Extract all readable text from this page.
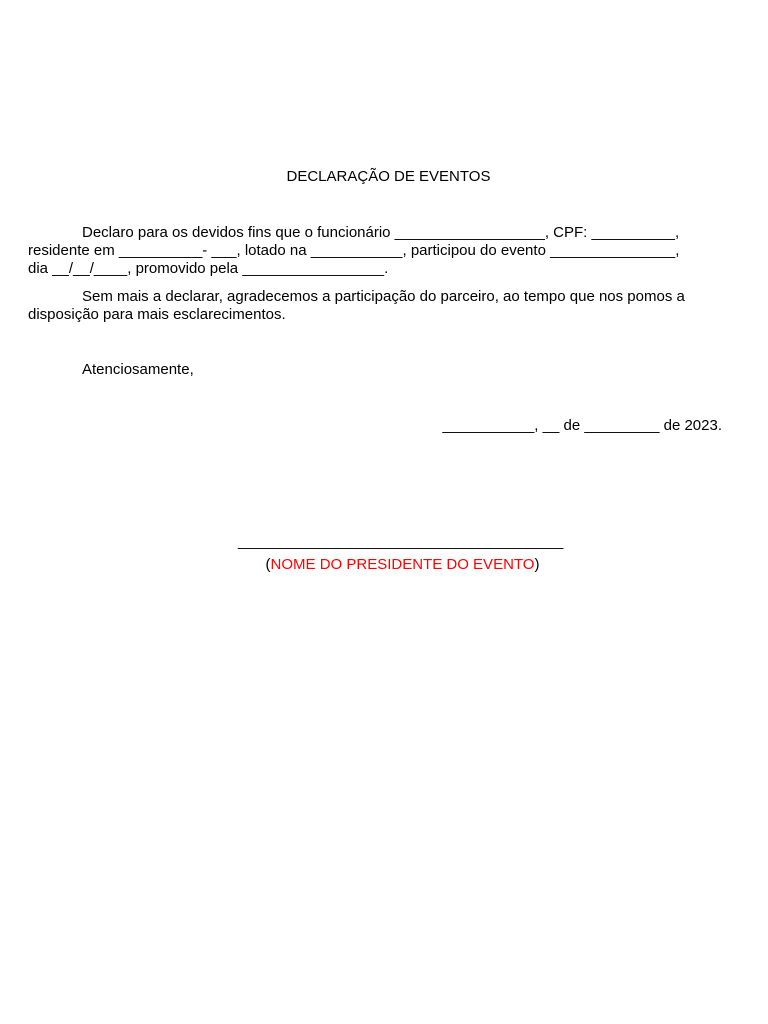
DECLARAÇÃO DE EVENTOS
Declaro para os devidos fins que o funcionário __________________, CPF: __________,
residente em __________- ___, lotado na ___________, participou do evento _______________,
dia __/__/____, promovido pela _________________.
Sem mais a declarar, agradecemos a participação do parceiro, ao tempo que nos pomos a
disposição para mais esclarecimentos.
Atenciosamente,
___________, __ de _________ de 2023.
_______________________________________
(NOME DO PRESIDENTE DO EVENTO)
